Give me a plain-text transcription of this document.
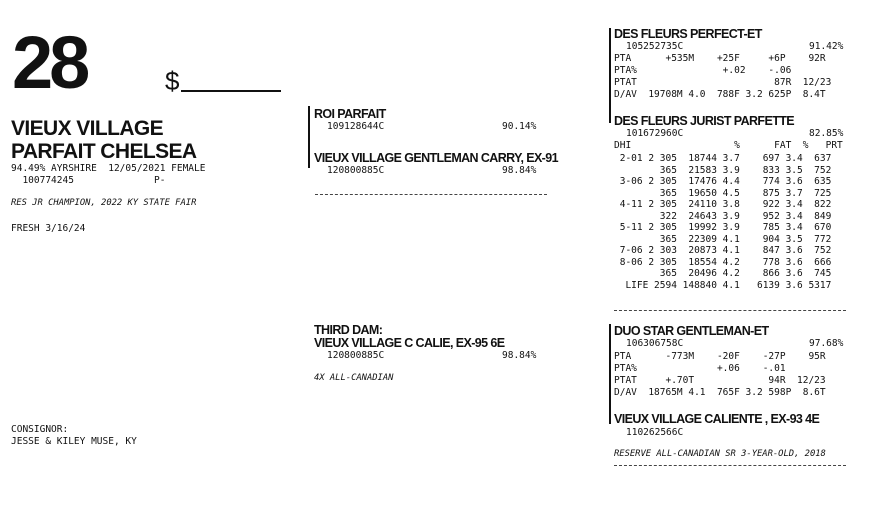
28	$
VIEUX VILLAGE
PARFAIT CHELSEA
94.49% AYRSHIRE  12/05/2021 FEMALE
100774245              P-
RES JR CHAMPION, 2022 KY STATE FAIR
FRESH 3/16/24
CONSIGNOR:
JESSE & KILEY MUSE, KY
ROI PARFAIT
109128644C	90.14%
VIEUX VILLAGE GENTLEMAN CARRY, EX-91
120800885C	98.84%
THIRD DAM:
VIEUX VILLAGE C CALIE, EX-95 6E
120800885C	98.84%
4X ALL-CANADIAN
DES FLEURS PERFECT-ET
105252735C	91.42%
PTA      +535M    +25F     +6P    92R
PTA%               +.02    -.06
PTAT                        87R  12/23
D/AV  19708M 4.0  788F 3.2 625P  8.4T
DES FLEURS JURIST PARFETTE
101672960C	82.85%
DHI                  %      FAT  %   PRT
2-01 2 305  18744 3.7    697 3.4  637
365  21583 3.9    833 3.5  752
3-06 2 305  17476 4.4    774 3.6  635
365  19650 4.5    875 3.7  725
4-11 2 305  24110 3.8    922 3.4  822
322  24643 3.9    952 3.4  849
5-11 2 305  19992 3.9    785 3.4  670
365  22309 4.1    904 3.5  772
7-06 2 303  20873 4.1    847 3.6  752
8-06 2 305  18554 4.2    778 3.6  666
365  20496 4.2    866 3.6  745
LIFE 2594 148840 4.1   6139 3.6 5317
DUO STAR GENTLEMAN-ET
106306758C	97.68%
PTA      -773M    -20F    -27P    95R
PTA%              +.06    -.01
PTAT     +.70T             94R  12/23
D/AV  18765M 4.1  765F 3.2 598P  8.6T
VIEUX VILLAGE CALIENTE , EX-93 4E
110262566C
RESERVE ALL-CANADIAN SR 3-YEAR-OLD, 2018
